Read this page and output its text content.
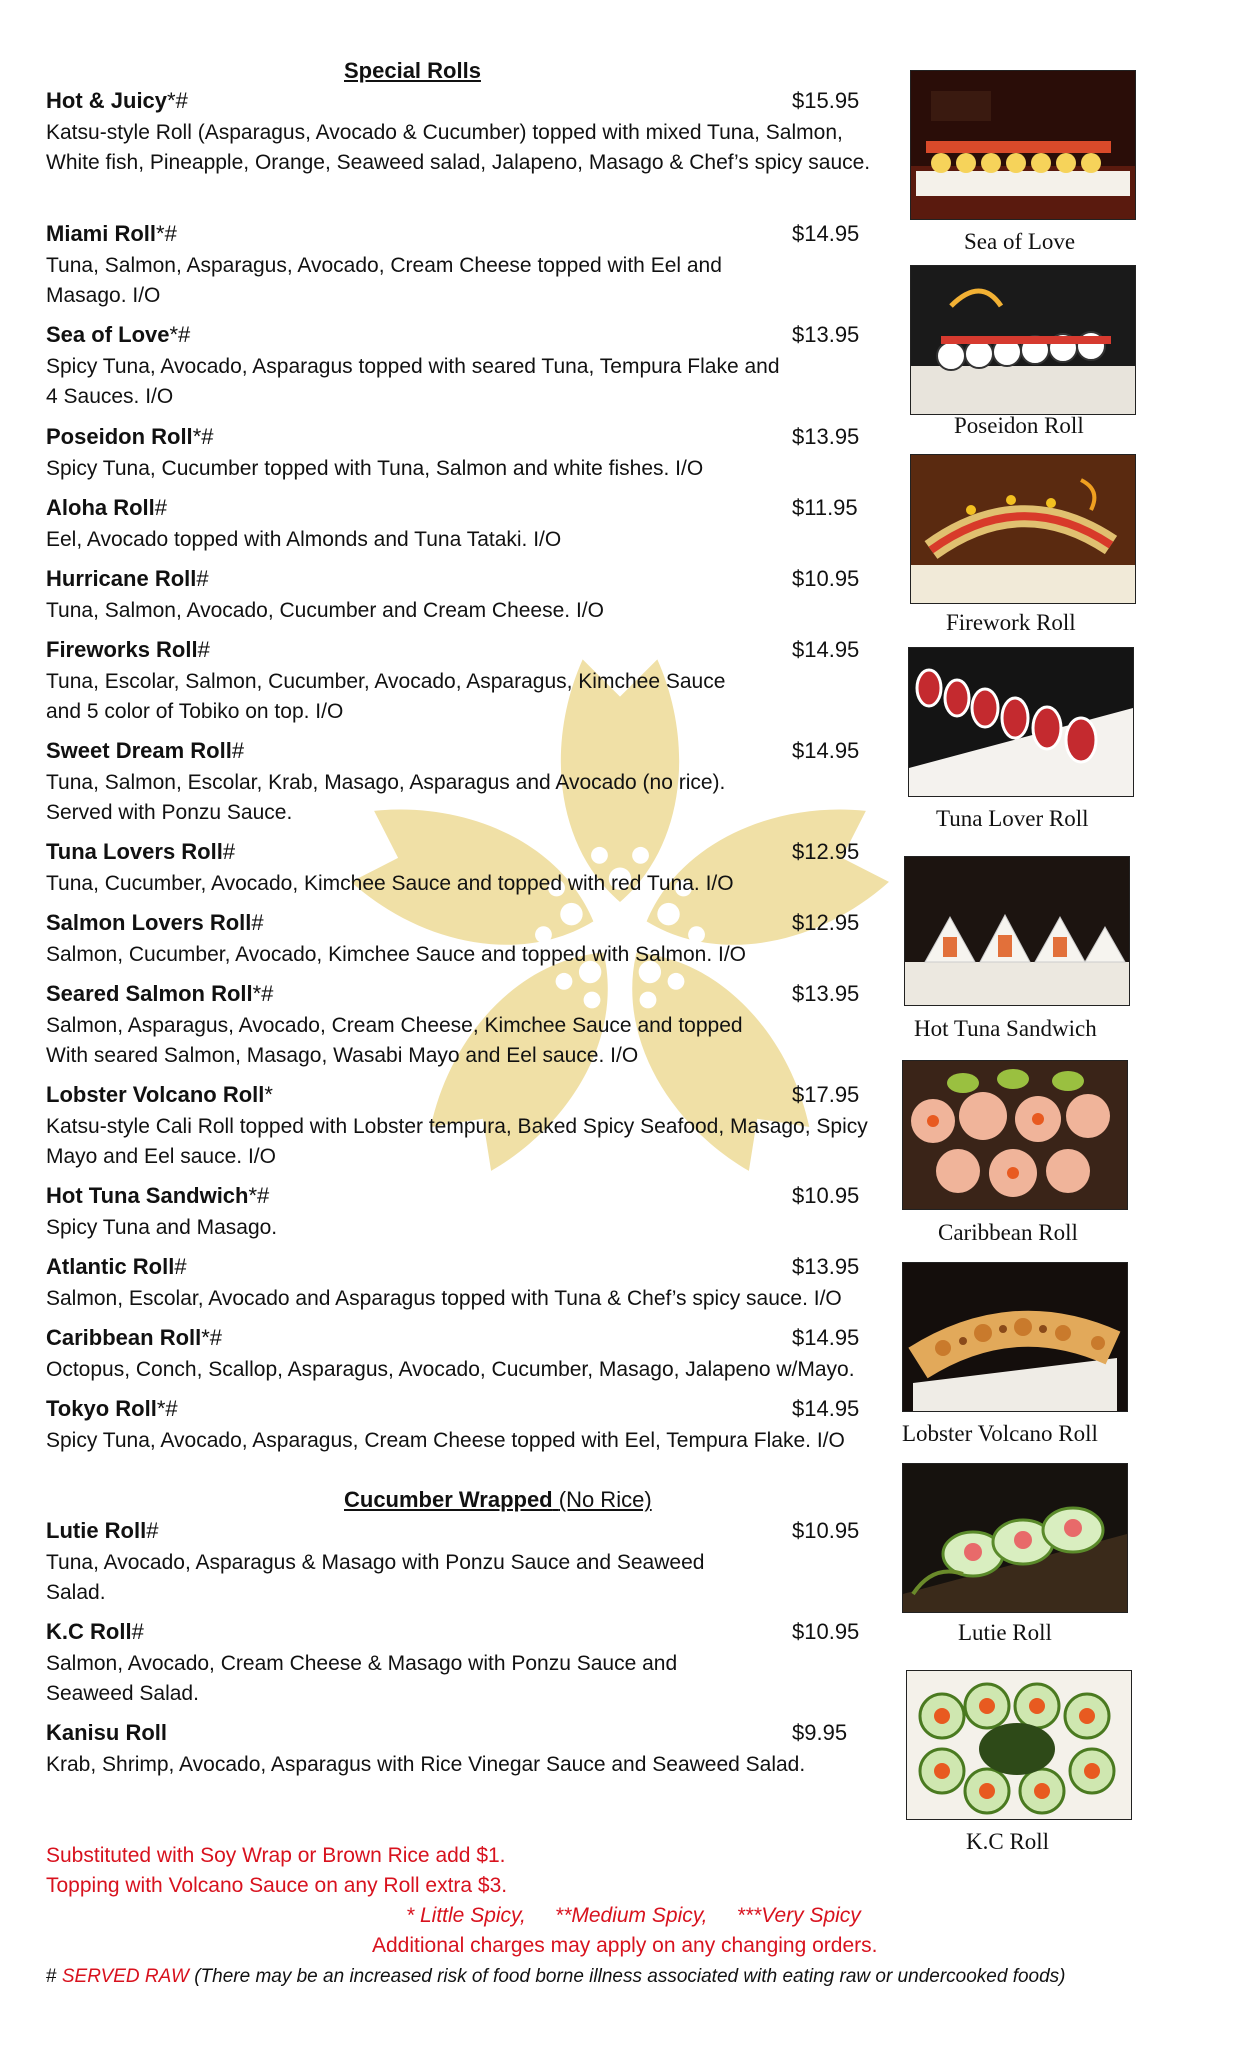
Special Rolls
Hot & Juicy*#	$15.95
Katsu-style Roll (Asparagus, Avocado & Cucumber) topped with mixed Tuna, Salmon, White fish, Pineapple, Orange, Seaweed salad, Jalapeno, Masago & Chef’s spicy sauce.
Miami Roll*#	$14.95
Tuna, Salmon, Asparagus, Avocado, Cream Cheese topped with Eel and Masago. I/O
Sea of Love*#	$13.95
Spicy Tuna, Avocado, Asparagus topped with seared Tuna, Tempura Flake and 4 Sauces. I/O
Poseidon Roll*#	$13.95
Spicy Tuna, Cucumber topped with Tuna, Salmon and white fishes. I/O
Aloha Roll#	$11.95
Eel, Avocado topped with Almonds and Tuna Tataki. I/O
Hurricane Roll#	$10.95
Tuna, Salmon, Avocado, Cucumber and Cream Cheese. I/O
Fireworks Roll#	$14.95
Tuna, Escolar, Salmon, Cucumber, Avocado, Asparagus, Kimchee Sauce and 5 color of Tobiko on top. I/O
Sweet Dream Roll#	$14.95
Tuna, Salmon, Escolar, Krab, Masago, Asparagus and Avocado (no rice). Served with Ponzu Sauce.
Tuna Lovers Roll#	$12.95
Tuna, Cucumber, Avocado, Kimchee Sauce and topped with red Tuna. I/O
Salmon Lovers Roll#	$12.95
Salmon, Cucumber, Avocado, Kimchee Sauce and topped with Salmon. I/O
Seared Salmon Roll*#	$13.95
Salmon, Asparagus, Avocado, Cream Cheese, Kimchee Sauce and topped With seared Salmon, Masago, Wasabi Mayo and Eel sauce. I/O
Lobster Volcano Roll*	$17.95
Katsu-style Cali Roll topped with Lobster tempura, Baked Spicy Seafood, Masago, Spicy Mayo and Eel sauce. I/O
Hot Tuna Sandwich*#	$10.95
Spicy Tuna and Masago.
Atlantic Roll#	$13.95
Salmon, Escolar, Avocado and Asparagus topped with Tuna & Chef’s spicy sauce. I/O
Caribbean Roll*#	$14.95
Octopus, Conch, Scallop, Asparagus, Avocado, Cucumber, Masago, Jalapeno w/Mayo.
Tokyo Roll*#	$14.95
Spicy Tuna, Avocado, Asparagus, Cream Cheese topped with Eel, Tempura Flake. I/O
Cucumber Wrapped (No Rice)
Lutie Roll#	$10.95
Tuna, Avocado, Asparagus & Masago with Ponzu Sauce and Seaweed Salad.
K.C Roll#	$10.95
Salmon, Avocado, Cream Cheese & Masago with Ponzu Sauce and Seaweed Salad.
Kanisu Roll	$9.95
Krab, Shrimp, Avocado, Asparagus with Rice Vinegar Sauce and Seaweed Salad.
Substituted with Soy Wrap or Brown Rice add $1.
Topping with Volcano Sauce on any Roll extra $3.
* Little Spicy, **Medium Spicy, ***Very Spicy
Additional charges may apply on any changing orders.
# SERVED RAW (There may be an increased risk of food borne illness associated with eating raw or undercooked foods)
Sea of Love
Poseidon Roll
Firework Roll
Tuna Lover Roll
Hot Tuna Sandwich
Caribbean Roll
Lobster Volcano Roll
Lutie Roll
K.C Roll
